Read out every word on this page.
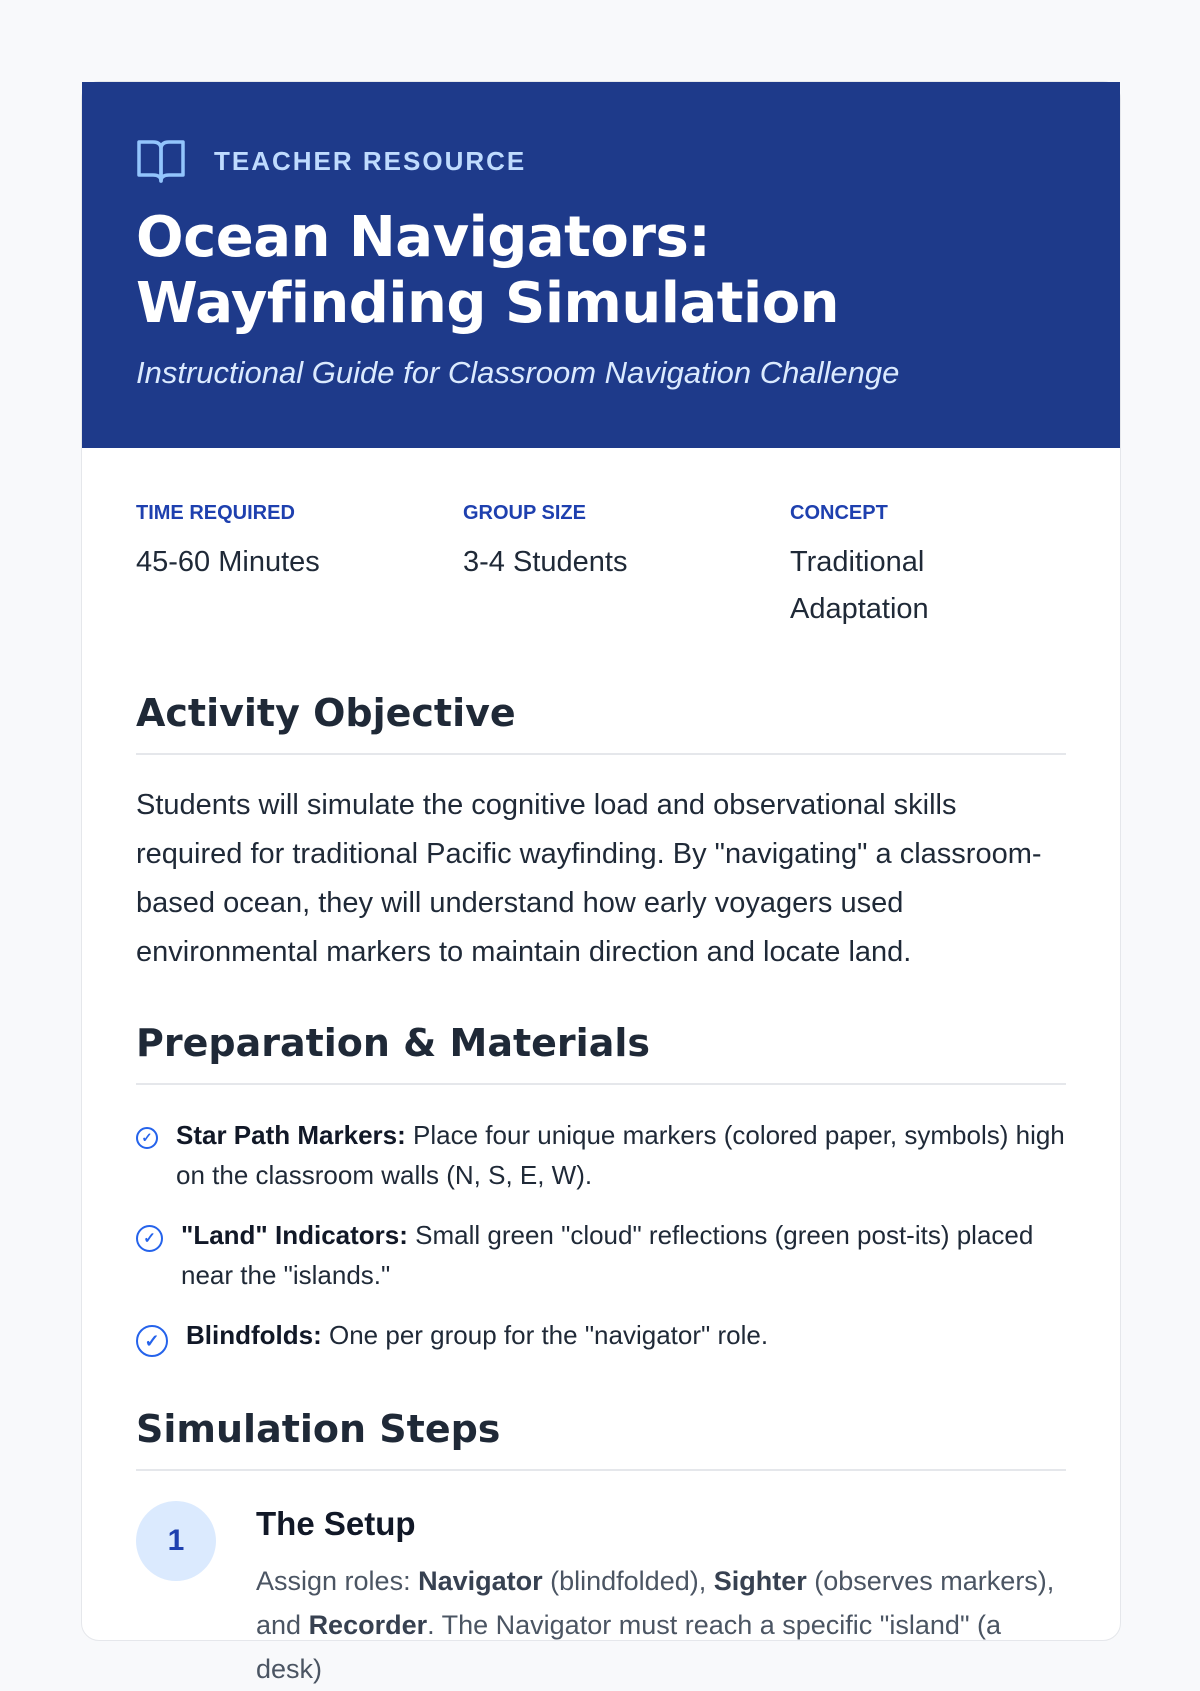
TEACHER RESOURCE
Ocean Navigators:
Wayfinding Simulation
Instructional Guide for Classroom Navigation Challenge
TIME REQUIRED
45-60 Minutes
GROUP SIZE
3-4 Students
CONCEPT
Traditional Adaptation
Activity Objective

Students will simulate the cognitive load and observational skills required for traditional Pacific wayfinding. By "navigating" a classroom-based ocean, they will understand how early voyagers used environmental markers to maintain direction and locate land.

Preparation & Materials
✓ Star Path Markers: Place four unique markers (colored paper, symbols) high on the classroom walls (N, S, E, W).
✓ "Land" Indicators: Small green "cloud" reflections (green post-its) placed near the "islands."
✓	Blindfolds: One per group for the "navigator" role.
Simulation Steps
1	The Setup
Assign roles: Navigator (blindfolded), Sighter (observes markers),
and Recorder. The Navigator must reach a specific "island" (a desk)
